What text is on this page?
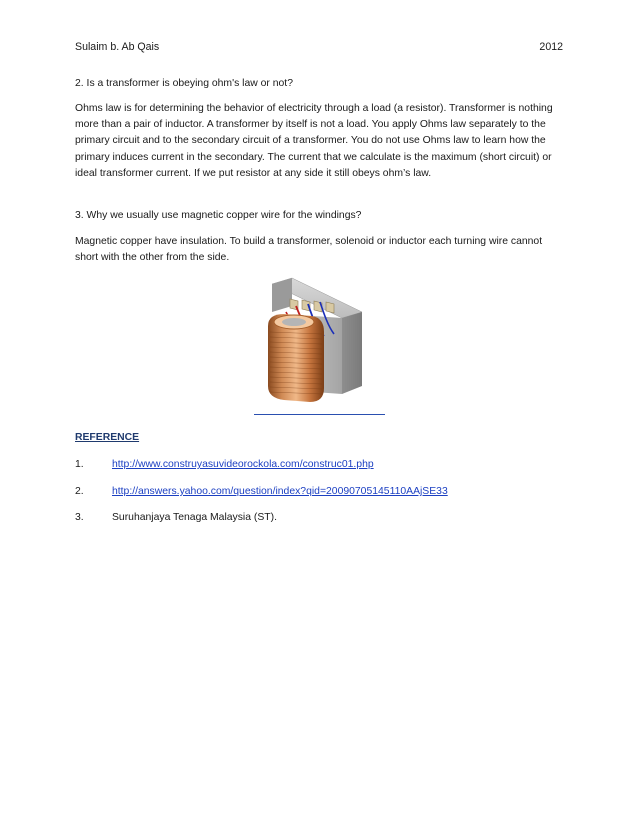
Sulaim b. Ab Qais	2012
2. Is a transformer is obeying ohm's law or not?
Ohms law is for determining the behavior of electricity through a load (a resistor). Transformer is nothing more than a pair of inductor. A transformer by itself is not a load. You apply Ohms law separately to the primary circuit and to the secondary circuit of a transformer. You do not use Ohms law to learn how the primary induces current in the secondary. The current that we calculate is the maximum (short circuit) or ideal transformer current. If we put resistor at any side it still obeys ohm’s law.
3. Why we usually use magnetic copper wire for the windings?
Magnetic copper have insulation. To build a transformer, solenoid or inductor each turning wire cannot short with the other from the side.
REFERENCE
1.	http://www.construyasuvideorockola.com/construc01.php
2.	http://answers.yahoo.com/question/index?qid=20090705145110AAjSE33
3.	Suruhanjaya Tenaga Malaysia (ST).
